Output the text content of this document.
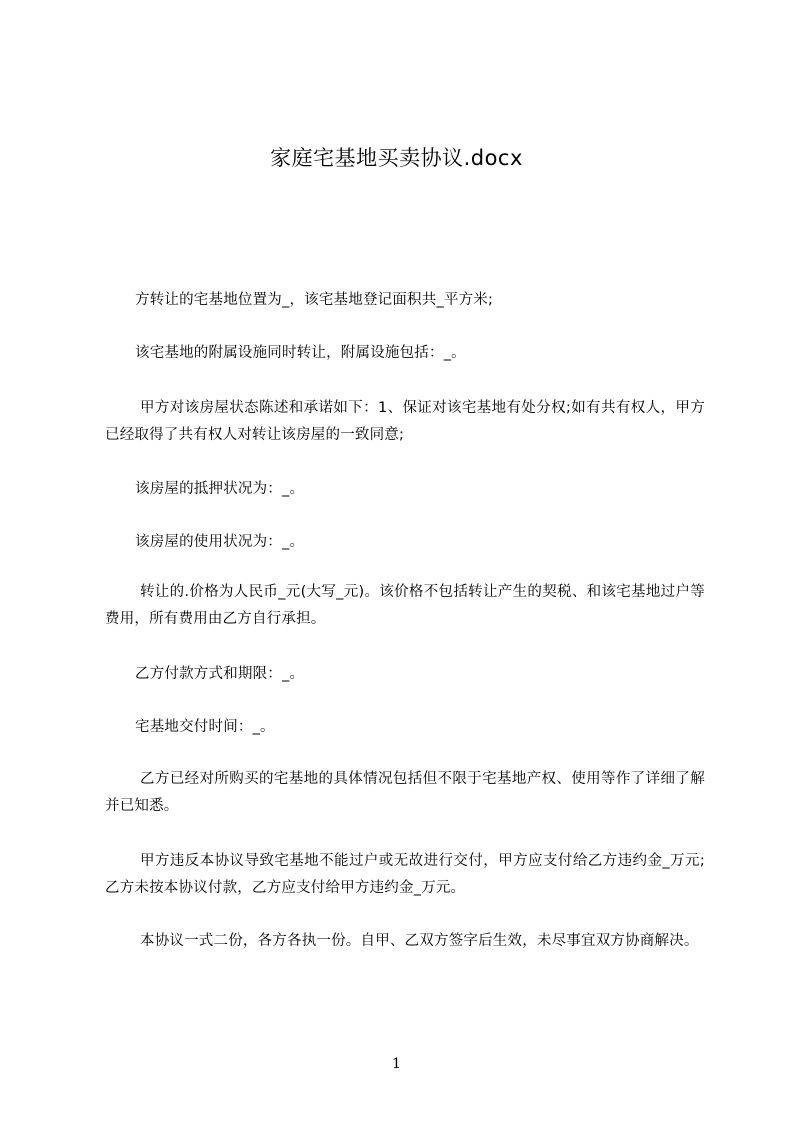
家庭宅基地买卖协议.docx
方转让的宅基地位置为_，该宅基地登记面积共_平方米;
该宅基地的附属设施同时转让，附属设施包括：_。
甲方对该房屋状态陈述和承诺如下：1、保证对该宅基地有处分权;如有共有权人，甲方已经取得了共有权人对转让该房屋的一致同意;
该房屋的抵押状况为：_。
该房屋的使用状况为：_。
转让的.价格为人民币_元(大写_元)。该价格不包括转让产生的契税、和该宅基地过户等费用，所有费用由乙方自行承担。
乙方付款方式和期限：_。
宅基地交付时间：_。
乙方已经对所购买的宅基地的具体情况包括但不限于宅基地产权、使用等作了详细了解并已知悉。
甲方违反本协议导致宅基地不能过户或无故进行交付，甲方应支付给乙方违约金_万元;乙方未按本协议付款，乙方应支付给甲方违约金_万元。
本协议一式二份，各方各执一份。自甲、乙双方签字后生效，未尽事宜双方协商解决。
1
